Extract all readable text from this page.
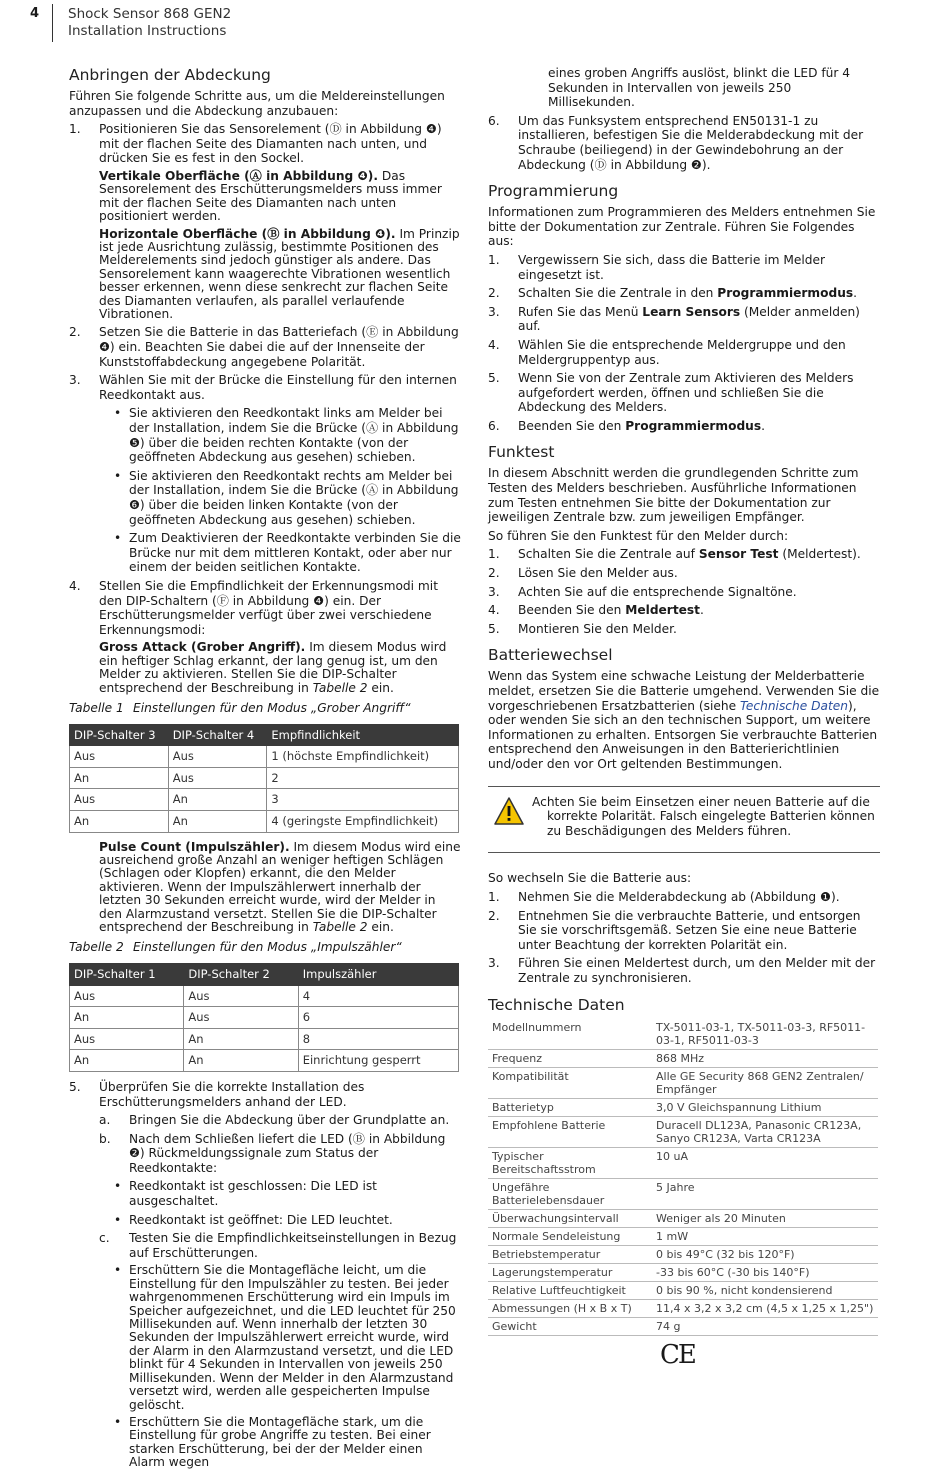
4 Shock Sensor 868 GEN2
Installation Instructions
Anbringen der Abdeckung

Führen Sie folgende Schritte aus, um die Meldereinstellungen anzupassen und die Abdeckung anzubauen:

1. Positionieren Sie das Sensorelement (Ⓓ in Abbildung ❹) mit der flachen Seite des Diamanten nach unten, und drücken Sie es fest in den Sockel.

Vertikale Oberfläche (Ⓐ in Abbildung ❹). Das Sensorelement des Erschütterungsmelders muss immer mit der flachen Seite des Diamanten nach unten positioniert werden.

Horizontale Oberfläche (Ⓑ in Abbildung ❹). Im Prinzip ist jede Ausrichtung zulässig, bestimmte Positionen des Melderelements sind jedoch günstiger als andere. Das Sensorelement kann waagerechte Vibrationen wesentlich besser erkennen, wenn diese senkrecht zur flachen Seite des Diamanten verlaufen, als parallel verlaufende Vibrationen.

2. Setzen Sie die Batterie in das Batteriefach (Ⓔ in Abbildung ❹) ein. Beachten Sie dabei die auf der Innenseite der Kunststoffabdeckung angegebene Polarität.
3. Wählen Sie mit der Brücke die Einstellung für den internen Reedkontakt aus.
• Sie aktivieren den Reedkontakt links am Melder bei der Installation, indem Sie die Brücke (Ⓐ in Abbildung ❺) über die beiden rechten Kontakte (von der geöffneten Abdeckung aus gesehen) schieben.
• Sie aktivieren den Reedkontakt rechts am Melder bei der Installation, indem Sie die Brücke (Ⓐ in Abbildung ❻) über die beiden linken Kontakte (von der geöffneten Abdeckung aus gesehen) schieben.
• Zum Deaktivieren der Reedkontakte verbinden Sie die Brücke nur mit dem mittleren Kontakt, oder aber nur einem der beiden seitlichen Kontakte.
4. Stellen Sie die Empfindlichkeit der Erkennungsmodi mit den DIP-Schaltern (Ⓕ in Abbildung ❹) ein. Der Erschütterungsmelder verfügt über zwei verschiedene Erkennungsmodi:

Gross Attack (Grober Angriff). Im diesem Modus wird ein heftiger Schlag erkannt, der lang genug ist, um den Melder zu aktivieren. Stellen Sie die DIP-Schalter entsprechend der Beschreibung in Tabelle 2 ein.

Tabelle 1 Einstellungen für den Modus „Grober Angriff“
DIP-Schalter 3	DIP-Schalter 4	Empfindlichkeit
Aus	Aus	1 (höchste Empfindlichkeit)
An	Aus	2
Aus	An	3
An	An	4 (geringste Empfindlichkeit)

Pulse Count (Impulszähler). Im diesem Modus wird eine ausreichend große Anzahl an weniger heftigen Schlägen (Schlagen oder Klopfen) erkannt, die den Melder aktivieren. Wenn der Impulszählerwert innerhalb der letzten 30 Sekunden erreicht wurde, wird der Melder in den Alarmzustand versetzt. Stellen Sie die DIP-Schalter entsprechend der Beschreibung in Tabelle 2 ein.

Tabelle 2 Einstellungen für den Modus „Impulszähler“
DIP-Schalter 1	DIP-Schalter 2	Impulszähler
Aus	Aus	4
An	Aus	6
Aus	An	8
An	An	Einrichtung gesperrt
5. Überprüfen Sie die korrekte Installation des Erschütterungsmelders anhand der LED.
a. Bringen Sie die Abdeckung über der Grundplatte an.
b. Nach dem Schließen liefert die LED (Ⓑ in Abbildung ❷) Rückmeldungssignale zum Status der Reedkontakte:
• Reedkontakt ist geschlossen: Die LED ist ausgeschaltet.
• Reedkontakt ist geöffnet: Die LED leuchtet.
c. Testen Sie die Empfindlichkeitseinstellungen in Bezug auf Erschütterungen.
• Erschüttern Sie die Montagefläche leicht, um die Einstellung für den Impulszähler zu testen. Bei jeder wahrgenommenen Erschütterung wird ein Impuls im Speicher aufgezeichnet, und die LED leuchtet für 250 Millisekunden auf. Wenn innerhalb der letzten 30 Sekunden der Impulszählerwert erreicht wurde, wird der Alarm in den Alarmzustand versetzt, und die LED blinkt für 4 Sekunden in Intervallen von jeweils 250 Millisekunden. Wenn der Melder in den Alarmzustand versetzt wird, werden alle gespeicherten Impulse gelöscht.
• Erschüttern Sie die Montagefläche stark, um die Einstellung für grobe Angriffe zu testen. Bei einer starken Erschütterung, bei der der Melder einen Alarm wegen

eines groben Angriffs auslöst, blinkt die LED für 4 Sekunden in Intervallen von jeweils 250 Millisekunden.

6. Um das Funksystem entsprechend EN50131-1 zu installieren, befestigen Sie die Melderabdeckung mit der Schraube (beiliegend) in der Gewindebohrung an der Abdeckung (Ⓓ in Abbildung ❷).
Programmierung

Informationen zum Programmieren des Melders entnehmen Sie bitte der Dokumentation zur Zentrale. Führen Sie Folgendes aus:

1. Vergewissern Sie sich, dass die Batterie im Melder eingesetzt ist.
2. Schalten Sie die Zentrale in den Programmiermodus.
3. Rufen Sie das Menü Learn Sensors (Melder anmelden) auf.
4. Wählen Sie die entsprechende Meldergruppe und den Meldergruppentyp aus.
5. Wenn Sie von der Zentrale zum Aktivieren des Melders aufgefordert werden, öffnen und schließen Sie die Abdeckung des Melders.
6. Beenden Sie den Programmiermodus.
Funktest

In diesem Abschnitt werden die grundlegenden Schritte zum Testen des Melders beschrieben. Ausführliche Informationen zum Testen entnehmen Sie bitte der Dokumentation zur jeweiligen Zentrale bzw. zum jeweiligen Empfänger.

So führen Sie den Funktest für den Melder durch:

1. Schalten Sie die Zentrale auf Sensor Test (Meldertest).
2. Lösen Sie den Melder aus.
3. Achten Sie auf die entsprechende Signaltöne.
4. Beenden Sie den Meldertest.
5. Montieren Sie den Melder.
Batteriewechsel

Wenn das System eine schwache Leistung der Melderbatterie meldet, ersetzen Sie die Batterie umgehend. Verwenden Sie die vorgeschriebenen Ersatzbatterien (siehe Technische Daten), oder wenden Sie sich an den technischen Support, um weitere Informationen zu erhalten. Entsorgen Sie verbrauchte Batterien entsprechend den Anweisungen in den Batterierichtlinien und/oder den vor Ort geltenden Bestimmungen.

Achten Sie beim Einsetzen einer neuen Batterie auf die
korrekte Polarität. Falsch eingelegte Batterien können zu Beschädigungen des Melders führen.

So wechseln Sie die Batterie aus:

1. Nehmen Sie die Melderabdeckung ab (Abbildung ❶).
2. Entnehmen Sie die verbrauchte Batterie, und entsorgen Sie sie vorschriftsgemäß. Setzen Sie eine neue Batterie unter Beachtung der korrekten Polarität ein.
3. Führen Sie einen Meldertest durch, um den Melder mit der Zentrale zu synchronisieren.
Technische Daten
Modellnummern	TX-5011-03-1, TX-5011-03-3, RF5011-03-1, RF5011-03-3
Frequenz	868 MHz
Kompatibilität	Alle GE Security 868 GEN2 Zentralen/ Empfänger
Batterietyp	3,0 V Gleichspannung Lithium
Empfohlene Batterie	Duracell DL123A, Panasonic CR123A, Sanyo CR123A, Varta CR123A
Typischer Bereitschaftsstrom	10 uA
Ungefähre Batterielebensdauer	5 Jahre
Überwachungsintervall	Weniger als 20 Minuten
Normale Sendeleistung	1 mW
Betriebstemperatur	0 bis 49°C (32 bis 120°F)
Lagerungstemperatur	-33 bis 60°C (-30 bis 140°F)
Relative Luftfeuchtigkeit	0 bis 90 %, nicht kondensierend
Abmessungen (H x B x T)	11,4 x 3,2 x 3,2 cm (4,5 x 1,25 x 1,25")
Gewicht	74 g
CE
